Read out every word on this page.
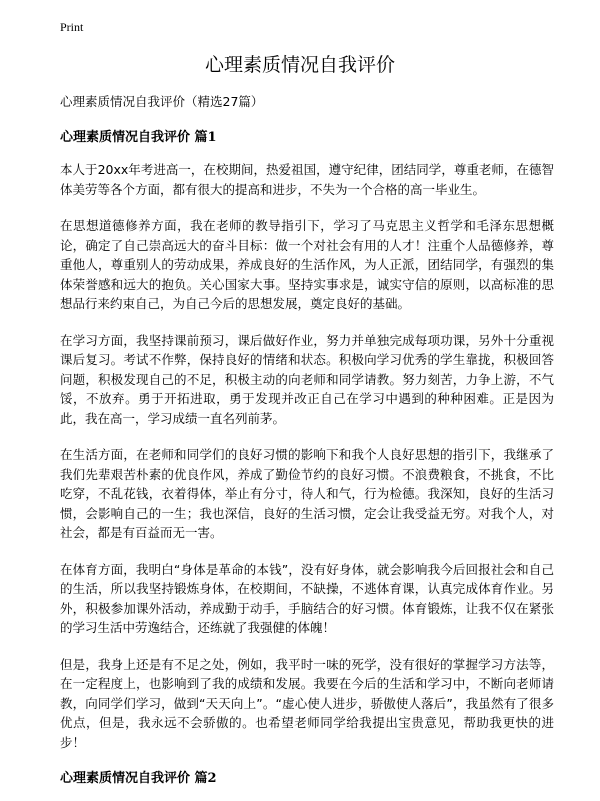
Print
心理素质情况自我评价

心理素质情况自我评价（精选27篇）

心理素质情况自我评价 篇1

本人于20xx年考进高一，在校期间，热爱祖国，遵守纪律，团结同学，尊重老师，在德智体美劳等各个方面，都有很大的提高和进步，不失为一个合格的高一毕业生。

在思想道德修养方面，我在老师的教导指引下，学习了马克思主义哲学和毛泽东思想概论，确定了自己崇高远大的奋斗目标：做一个对社会有用的人才！注重个人品德修养，尊重他人，尊重别人的劳动成果，养成良好的生活作风，为人正派，团结同学，有强烈的集体荣誉感和远大的抱负。关心国家大事。坚持实事求是，诚实守信的原则，以高标准的思想品行来约束自己，为自己今后的思想发展，奠定良好的基础。

在学习方面，我坚持课前预习，课后做好作业，努力并单独完成每项功课，另外十分重视课后复习。考试不作弊，保持良好的情绪和状态。积极向学习优秀的学生靠拢，积极回答问题，积极发现自己的不足，积极主动的向老师和同学请教。努力刻苦，力争上游，不气馁，不放弃。勇于开拓进取，勇于发现并改正自己在学习中遇到的种种困难。正是因为此，我在高一，学习成绩一直名列前茅。

在生活方面，在老师和同学们的良好习惯的影响下和我个人良好思想的指引下，我继承了我们先辈艰苦朴素的优良作风，养成了勤俭节约的良好习惯。不浪费粮食，不挑食，不比吃穿，不乱花钱，衣着得体，举止有分寸，待人和气，行为检德。我深知，良好的生活习惯，会影响自己的一生；我也深信，良好的生活习惯，定会让我受益无穷。对我个人，对社会，都是有百益而无一害。

在体育方面，我明白“身体是革命的本钱”，没有好身体，就会影响我今后回报社会和自己的生活，所以我坚持锻炼身体，在校期间，不缺操，不逃体育课，认真完成体育作业。另外，积极参加课外活动，养成勤于动手，手脑结合的好习惯。体育锻炼，让我不仅在紧张的学习生活中劳逸结合，还练就了我强健的体魄！

但是，我身上还是有不足之处，例如，我平时一味的死学，没有很好的掌握学习方法等，在一定程度上，也影响到了我的成绩和发展。我要在今后的生活和学习中，不断向老师请教，向同学们学习，做到“天天向上”。“虚心使人进步，骄傲使人落后”，我虽然有了很多优点，但是，我永远不会骄傲的。也希望老师同学给我提出宝贵意见，帮助我更快的进步！

心理素质情况自我评价 篇2
